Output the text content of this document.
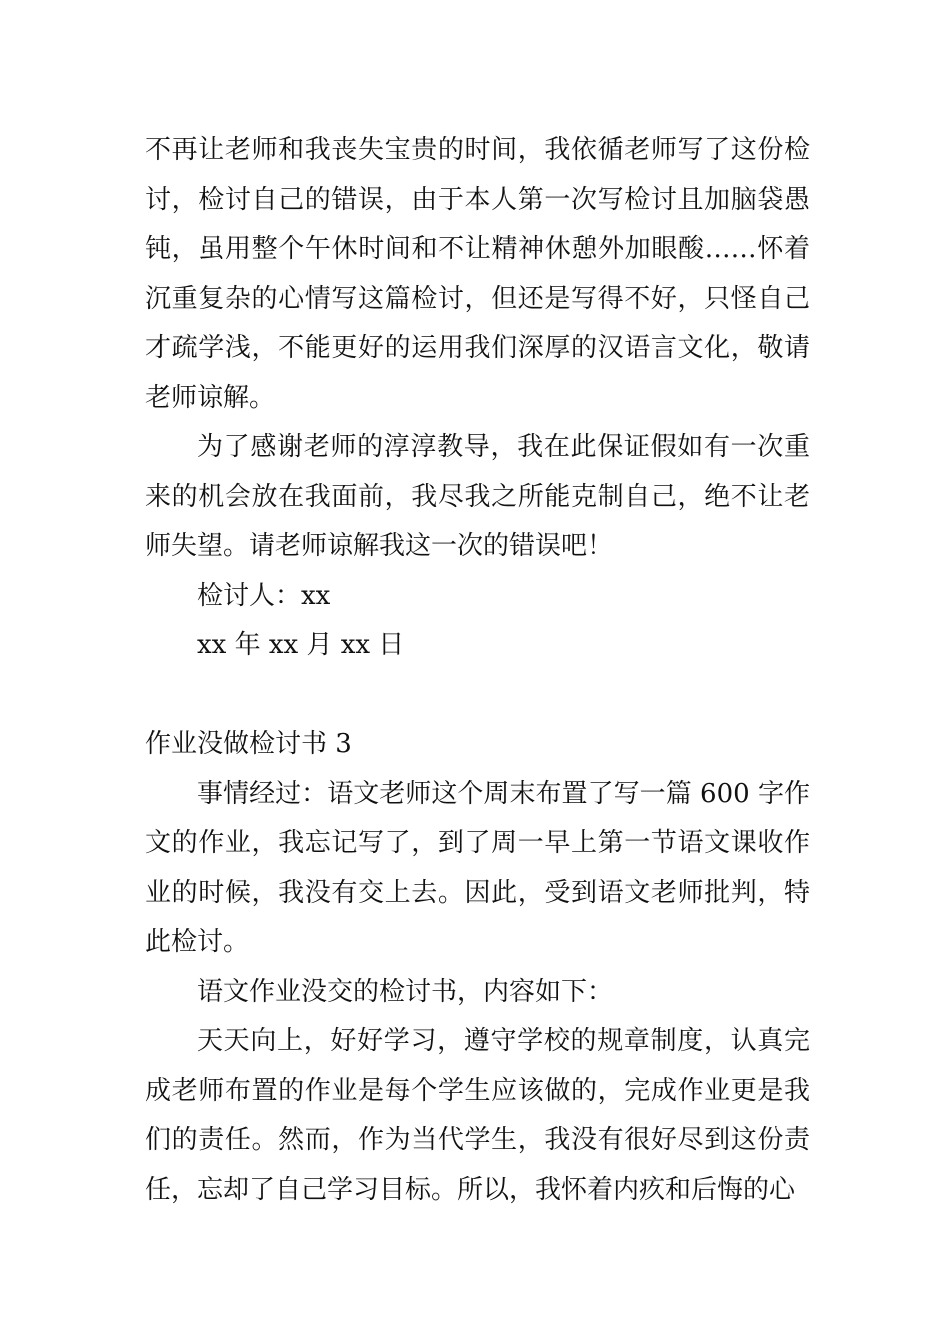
不再让老师和我丧失宝贵的时间，我依循老师写了这份检讨，检讨自己的错误，由于本人第一次写检讨且加脑袋愚钝，虽用整个午休时间和不让精神休憩外加眼酸……怀着沉重复杂的心情写这篇检讨，但还是写得不好，只怪自己才疏学浅，不能更好的运用我们深厚的汉语言文化，敬请老师谅解。

为了感谢老师的淳淳教导，我在此保证假如有一次重来的机会放在我面前，我尽我之所能克制自己，绝不让老师失望。请老师谅解我这一次的错误吧！

检讨人：xx

xx 年 xx 月 xx 日

作业没做检讨书 3

事情经过：语文老师这个周末布置了写一篇 600 字作文的作业，我忘记写了，到了周一早上第一节语文课收作业的时候，我没有交上去。因此，受到语文老师批判，特此检讨。

语文作业没交的检讨书，内容如下：

天天向上，好好学习，遵守学校的规章制度，认真完成老师布置的作业是每个学生应该做的，完成作业更是我们的责任。然而，作为当代学生，我没有很好尽到这份责任，忘却了自己学习目标。所以，我怀着内疚和后悔的心
